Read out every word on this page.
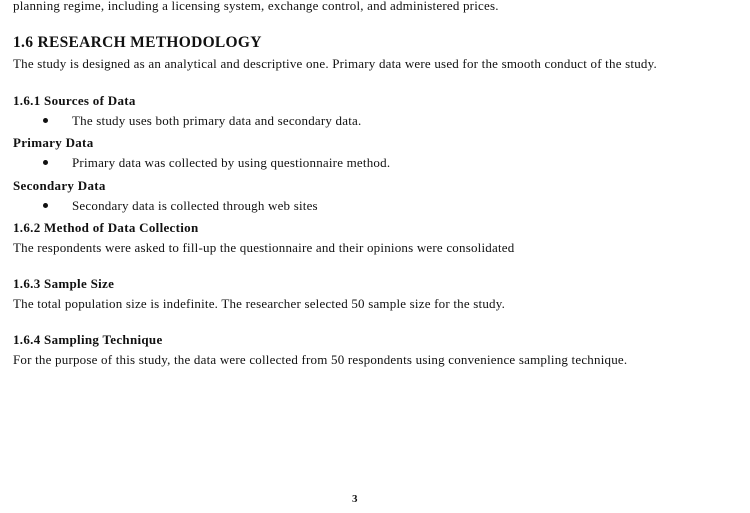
planning regime, including a licensing system, exchange control, and administered prices.

1.6 RESEARCH METHODOLOGY

The study is designed as an analytical and descriptive one. Primary data were used for the smooth conduct of the study.

1.6.1 Sources of Data
The study uses both primary data and secondary data.
Primary Data
Primary data was collected by using questionnaire method.
Secondary Data
Secondary data is collected through web sites
1.6.2 Method of Data Collection

The respondents were asked to fill-up the questionnaire and their opinions were consolidated

1.6.3 Sample Size

The total population size is indefinite. The researcher selected 50 sample size for the study.

1.6.4 Sampling Technique

For the purpose of this study, the data were collected from 50 respondents using convenience sampling technique.

3
